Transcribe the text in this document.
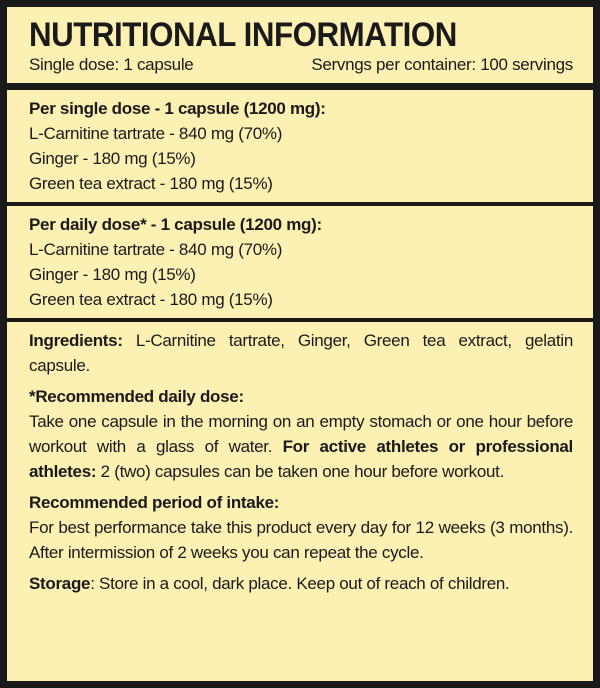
NUTRITIONAL INFORMATION
Single dose: 1 capsule	Servngs per container: 100 servings
Per single dose - 1 capsule (1200 mg):
L-Carnitine tartrate - 840 mg (70%)
Ginger - 180 mg (15%)
Green tea extract - 180 mg (15%)
Per daily dose* - 1 capsule (1200 mg):
L-Carnitine tartrate - 840 mg (70%)
Ginger - 180 mg (15%)
Green tea extract - 180 mg (15%)

Ingredients: L-Carnitine tartrate, Ginger, Green tea extract, gelatin capsule.

*Recommended daily dose:

Take one capsule in the morning on an empty stomach or one hour before workout with a glass of water. For active athletes or professional athletes: 2 (two) capsules can be taken one hour before workout.

Recommended period of intake:

For best performance take this product every day for 12 weeks (3 months). After intermission of 2 weeks you can repeat the cycle.

Storage: Store in a cool, dark place. Keep out of reach of children.
